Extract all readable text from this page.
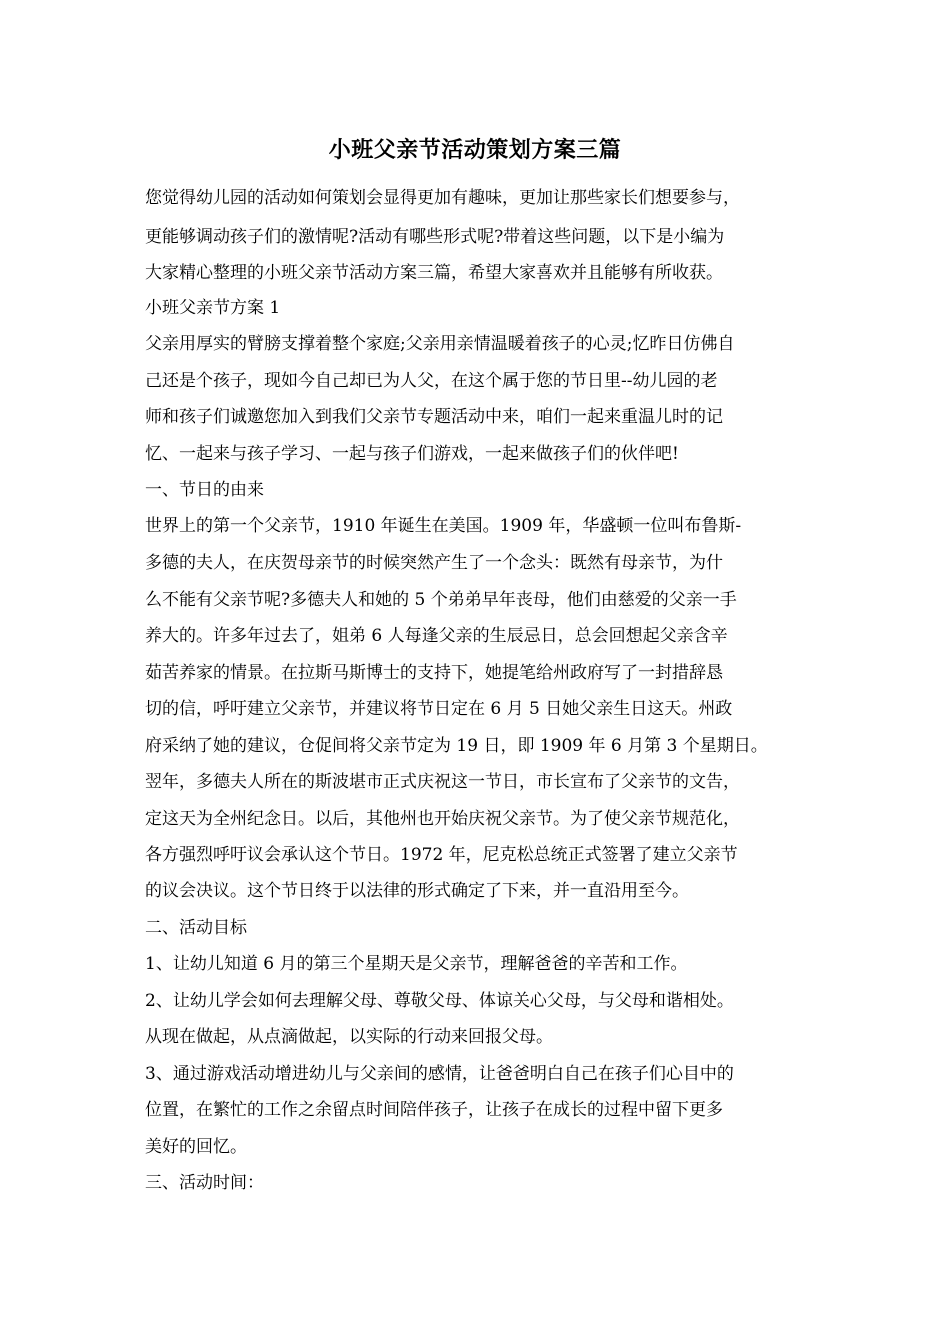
小班父亲节活动策划方案三篇

您觉得幼儿园的活动如何策划会显得更加有趣味，更加让那些家长们想要参与，

更能够调动孩子们的激情呢?活动有哪些形式呢?带着这些问题，以下是小编为

大家精心整理的小班父亲节活动方案三篇，希望大家喜欢并且能够有所收获。

小班父亲节方案 1

父亲用厚实的臂膀支撑着整个家庭;父亲用亲情温暖着孩子的心灵;忆昨日仿佛自

己还是个孩子，现如今自己却已为人父，在这个属于您的节日里--幼儿园的老

师和孩子们诚邀您加入到我们父亲节专题活动中来，咱们一起来重温儿时的记

忆、一起来与孩子学习、一起与孩子们游戏，一起来做孩子们的伙伴吧!

一、节日的由来

世界上的第一个父亲节，1910 年诞生在美国。1909 年，华盛顿一位叫布鲁斯-

多德的夫人，在庆贺母亲节的时候突然产生了一个念头：既然有母亲节，为什

么不能有父亲节呢?多德夫人和她的 5 个弟弟早年丧母，他们由慈爱的父亲一手

养大的。许多年过去了，姐弟 6 人每逢父亲的生辰忌日，总会回想起父亲含辛

茹苦养家的情景。在拉斯马斯博士的支持下，她提笔给州政府写了一封措辞恳

切的信，呼吁建立父亲节，并建议将节日定在 6 月 5 日她父亲生日这天。州政

府采纳了她的建议，仓促间将父亲节定为 19 日，即 1909 年 6 月第 3 个星期日。

翌年，多德夫人所在的斯波堪市正式庆祝这一节日，市长宣布了父亲节的文告，

定这天为全州纪念日。以后，其他州也开始庆祝父亲节。为了使父亲节规范化，

各方强烈呼吁议会承认这个节日。1972 年，尼克松总统正式签署了建立父亲节

的议会决议。这个节日终于以法律的形式确定了下来，并一直沿用至今。

二、活动目标

1、让幼儿知道 6 月的第三个星期天是父亲节，理解爸爸的辛苦和工作。

2、让幼儿学会如何去理解父母、尊敬父母、体谅关心父母，与父母和谐相处。

从现在做起，从点滴做起，以实际的行动来回报父母。

3、通过游戏活动增进幼儿与父亲间的感情，让爸爸明白自己在孩子们心目中的

位置，在繁忙的工作之余留点时间陪伴孩子，让孩子在成长的过程中留下更多

美好的回忆。

三、活动时间：
